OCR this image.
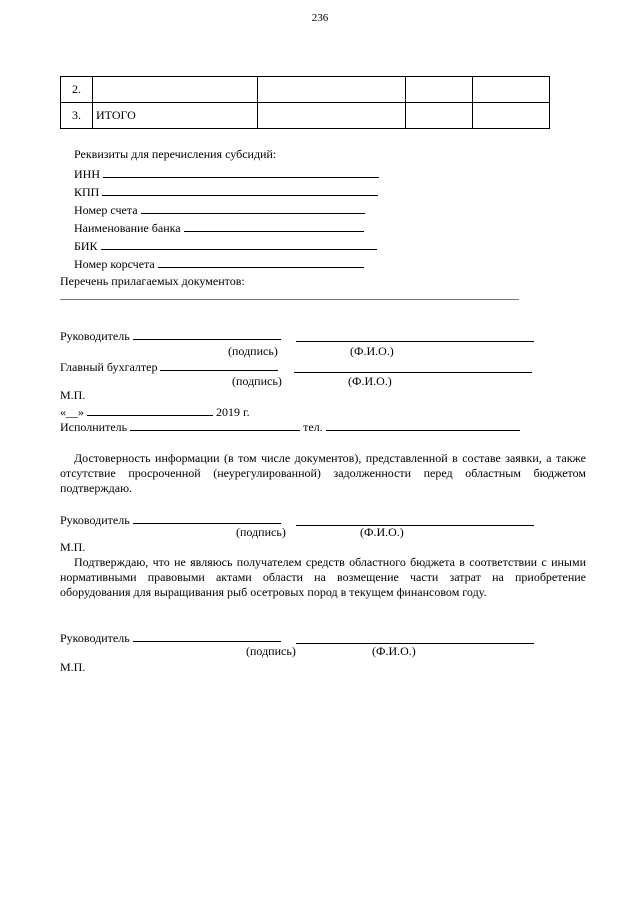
236
2.				
3.	ИТОГО			
Реквизиты для перечисления субсидий:
ИНН
КПП
Номер счета
Наименование банка
БИК
Номер корсчета
Перечень прилагаемых документов:
Руководитель
(подпись)	(Ф.И.О.)
Главный бухгалтер
(подпись)	(Ф.И.О.)
М.П.
«__»	2019 г.
Исполнитель	тел.
Достоверность информации (в том числе документов), представленной в составе заявки, а также отсутствие просроченной (неурегулированной) задолженности перед областным бюджетом подтверждаю.
Руководитель
(подпись)	(Ф.И.О.)
М.П.
Подтверждаю, что не являюсь получателем средств областного бюджета в соответствии с иными нормативными правовыми актами области на возмещение части затрат на приобретение оборудования для выращивания рыб осетровых пород в текущем финансовом году.
Руководитель
(подпись)	(Ф.И.О.)
М.П.
